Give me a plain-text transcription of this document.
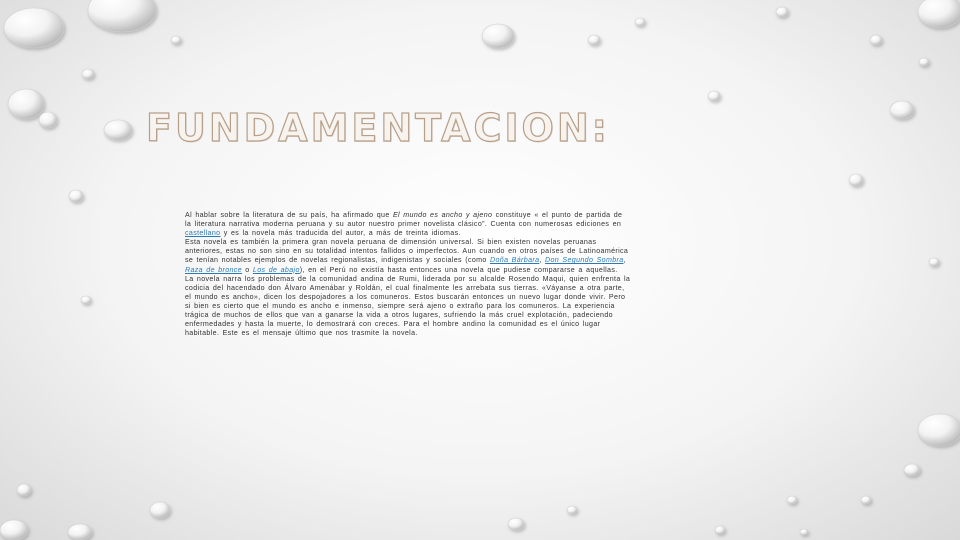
FUNDAMENTACION:

Al hablar sobre la literatura de su país, ha afirmado que El mundo es ancho y ajeno constituye « el punto de partida de la literatura narrativa moderna peruana y su autor nuestro primer novelista clásico”. Cuenta con numerosas ediciones en castellano y es la novela más traducida del autor, a más de treinta idiomas.

Esta novela es también la primera gran novela peruana de dimensión universal. Si bien existen novelas peruanas anteriores, estas no son sino en su totalidad intentos fallidos o imperfectos. Aun cuando en otros países de Latinoamérica se tenían notables ejemplos de novelas regionalistas, indigenistas y sociales (como Doña Bárbara, Don Segundo Sombra, Raza de bronce o Los de abajo), en el Perú no existía hasta entonces una novela que pudiese compararse a aquellas.

La novela narra los problemas de la comunidad andina de Rumi, liderada por su alcalde Rosendo Maqui, quien enfrenta la codicia del hacendado don Álvaro Amenábar y Roldán, el cual finalmente les arrebata sus tierras. «Váyanse a otra parte, el mundo es ancho», dicen los despojadores a los comuneros. Estos buscarán entonces un nuevo lugar donde vivir. Pero si bien es cierto que el mundo es ancho e inmenso, siempre será ajeno o extraño para los comuneros. La experiencia trágica de muchos de ellos que van a ganarse la vida a otros lugares, sufriendo la más cruel explotación, padeciendo enfermedades y hasta la muerte, lo demostrará con creces. Para el hombre andino la comunidad es el único lugar habitable. Este es el mensaje último que nos trasmite la novela.
